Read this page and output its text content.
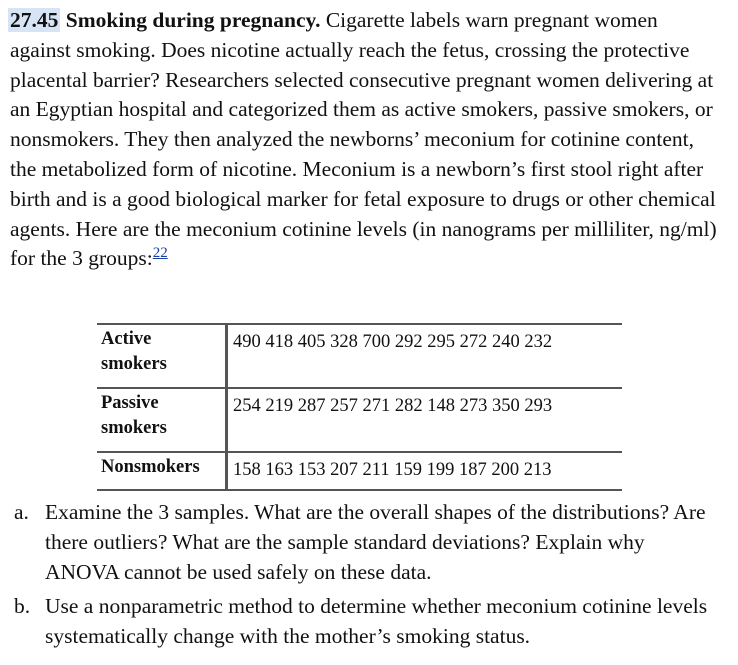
27.45 Smoking during pregnancy. Cigarette labels warn pregnant women against smoking. Does nicotine actually reach the fetus, crossing the protective placental barrier? Researchers selected consecutive pregnant women delivering at an Egyptian hospital and categorized them as active smokers, passive smokers, or nonsmokers. They then analyzed the newborns’ meconium for cotinine content, the metabolized form of nicotine. Meconium is a newborn’s first stool right after birth and is a good biological marker for fetal exposure to drugs or other chemical agents. Here are the meconium cotinine levels (in nanograms per milliliter, ng/ml) for the 3 groups:$^{22}$
Active smokers	490 418 405 328 700 292 295 272 240 232
Passive smokers	254 219 287 257 271 282 148 273 350 293
Nonsmokers	158 163 153 207 211 159 199 187 200 213
a. Examine the 3 samples. What are the overall shapes of the distributions? Are there outliers? What are the sample standard deviations? Explain why ANOVA cannot be used safely on these data.
b. Use a nonparametric method to determine whether meconium cotinine levels systematically change with the mother’s smoking status.
